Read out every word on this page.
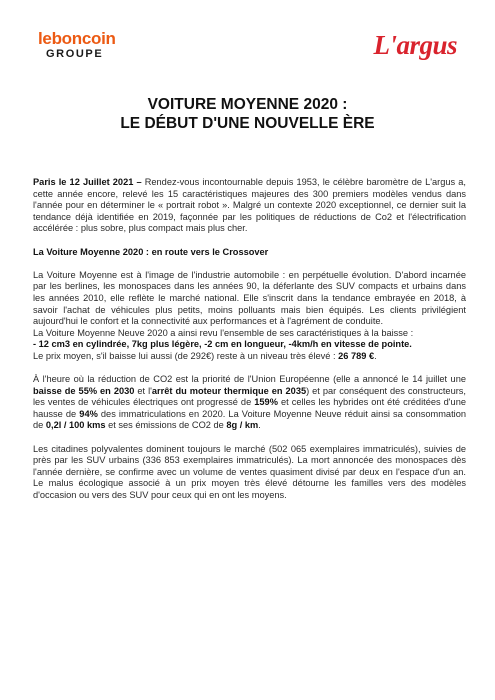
leboncoin
GROUPE	L'argus
VOITURE MOYENNE 2020 :
LE DÉBUT D'UNE NOUVELLE ÈRE

Paris le 12 Juillet 2021 – Rendez-vous incontournable depuis 1953, le célèbre baromètre de L'argus a, cette année encore, relevé les 15 caractéristiques majeures des 300 premiers modèles vendus dans l'année pour en déterminer le « portrait robot ». Malgré un contexte 2020 exceptionnel, ce dernier suit la tendance déjà identifiée en 2019, façonnée par les politiques de réductions de Co2 et l'électrification accélérée : plus sobre, plus compact mais plus cher.

La Voiture Moyenne 2020 : en route vers le Crossover

La Voiture Moyenne est à l'image de l'industrie automobile : en perpétuelle évolution. D'abord incarnée par les berlines, les monospaces dans les années 90, la déferlante des SUV compacts et urbains dans les années 2010, elle reflète le marché national. Elle s'inscrit dans la tendance embrayée en 2018, à savoir l'achat de véhicules plus petits, moins polluants mais bien équipés. Les clients privilégient aujourd'hui le confort et la connectivité aux performances et à l'agrément de conduite.

La Voiture Moyenne Neuve 2020 a ainsi revu l'ensemble de ses caractéristiques à la baisse :
- 12 cm3 en cylindrée, 7kg plus légère, -2 cm en longueur, -4km/h en vitesse de pointe.
Le prix moyen, s'il baisse lui aussi (de 292€) reste à un niveau très élevé : 26 789 €.

À l'heure où la réduction de CO2 est la priorité de l'Union Européenne (elle a annoncé le 14 juillet une baisse de 55% en 2030 et l'arrêt du moteur thermique en 2035) et par conséquent des constructeurs, les ventes de véhicules électriques ont progressé de 159% et celles les hybrides ont été créditées d'une hausse de 94% des immatriculations en 2020. La Voiture Moyenne Neuve réduit ainsi sa consommation de 0,2l / 100 kms et ses émissions de CO2 de 8g / km.

Les citadines polyvalentes dominent toujours le marché (502 065 exemplaires immatriculés), suivies de près par les SUV urbains (336 853 exemplaires immatriculés). La mort annoncée des monospaces dès l'année dernière, se confirme avec un volume de ventes quasiment divisé par deux en l'espace d'un an. Le malus écologique associé à un prix moyen très élevé détourne les familles vers des modèles d'occasion ou vers des SUV pour ceux qui en ont les moyens.
